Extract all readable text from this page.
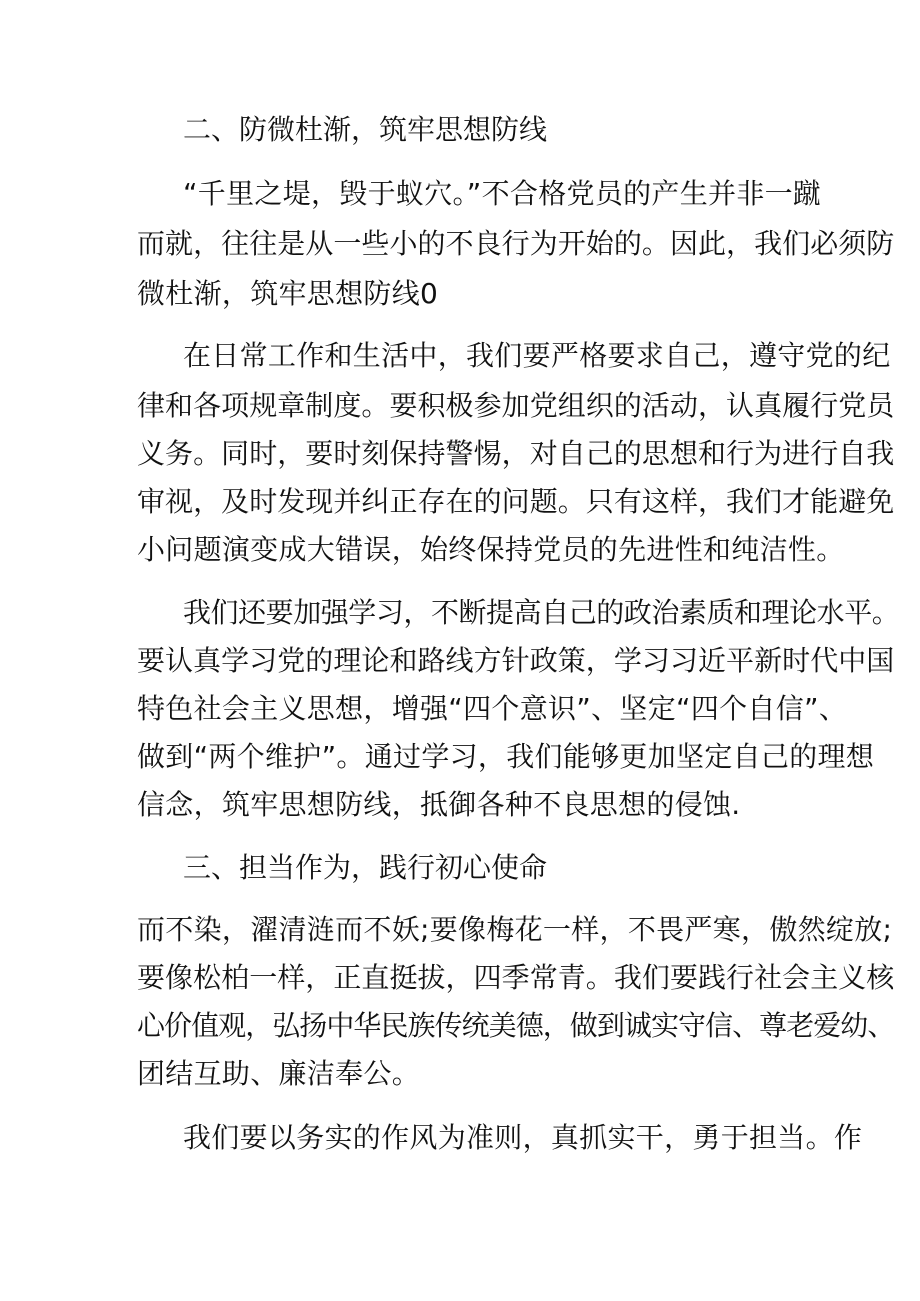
二、防微杜渐，筑牢思想防线

“千里之堤，毁于蚁穴。”不合格党员的产生并非一蹴

而就，往往是从一些小的不良行为开始的。因此，我们必须防

微杜渐，筑牢思想防线0

在日常工作和生活中，我们要严格要求自己，遵守党的纪

律和各项规章制度。要积极参加党组织的活动，认真履行党员

义务。同时，要时刻保持警惕，对自己的思想和行为进行自我

审视，及时发现并纠正存在的问题。只有这样，我们才能避免

小问题演变成大错误，始终保持党员的先进性和纯洁性。

我们还要加强学习，不断提高自己的政治素质和理论水平。

要认真学习党的理论和路线方针政策，学习习近平新时代中国

特色社会主义思想，增强“四个意识”、坚定“四个自信”、

做到“两个维护”。通过学习，我们能够更加坚定自己的理想

信念，筑牢思想防线，抵御各种不良思想的侵蚀.

三、担当作为，践行初心使命

而不染，濯清涟而不妖;要像梅花一样，不畏严寒，傲然绽放;

要像松柏一样，正直挺拔，四季常青。我们要践行社会主义核

心价值观，弘扬中华民族传统美德，做到诚实守信、尊老爱幼、

团结互助、廉洁奉公。

我们要以务实的作风为准则，真抓实干，勇于担当。作
